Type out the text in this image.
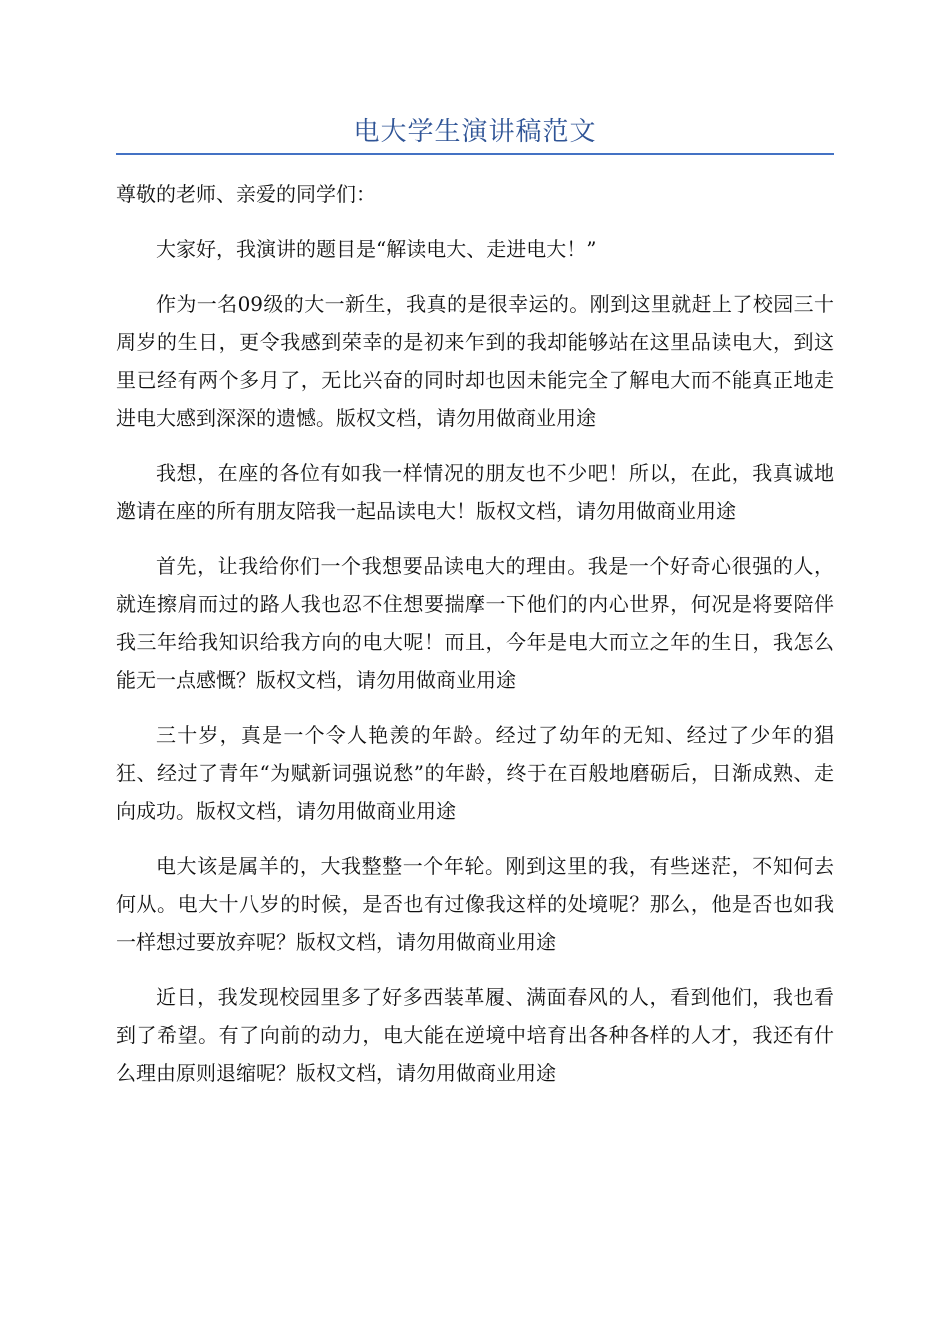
电大学生演讲稿范文

尊敬的老师、亲爱的同学们：

大家好，我演讲的题目是“解读电大、走进电大！”

作为一名09级的大一新生，我真的是很幸运的。刚到这里就赶上了校园三十周岁的生日，更令我感到荣幸的是初来乍到的我却能够站在这里品读电大，到这里已经有两个多月了，无比兴奋的同时却也因未能完全了解电大而不能真正地走进电大感到深深的遗憾。版权文档，请勿用做商业用途

我想，在座的各位有如我一样情况的朋友也不少吧！所以，在此，我真诚地邀请在座的所有朋友陪我一起品读电大！版权文档，请勿用做商业用途

首先，让我给你们一个我想要品读电大的理由。我是一个好奇心很强的人，就连擦肩而过的路人我也忍不住想要揣摩一下他们的内心世界，何况是将要陪伴我三年给我知识给我方向的电大呢！而且，今年是电大而立之年的生日，我怎么能无一点感慨？版权文档，请勿用做商业用途

三十岁，真是一个令人艳羡的年龄。经过了幼年的无知、经过了少年的猖狂、经过了青年“为赋新词强说愁”的年龄，终于在百般地磨砺后，日渐成熟、走向成功。版权文档，请勿用做商业用途

电大该是属羊的，大我整整一个年轮。刚到这里的我，有些迷茫，不知何去何从。电大十八岁的时候，是否也有过像我这样的处境呢？那么，他是否也如我一样想过要放弃呢？版权文档，请勿用做商业用途

近日，我发现校园里多了好多西装革履、满面春风的人，看到他们，我也看到了希望。有了向前的动力，电大能在逆境中培育出各种各样的人才，我还有什么理由原则退缩呢？版权文档，请勿用做商业用途
